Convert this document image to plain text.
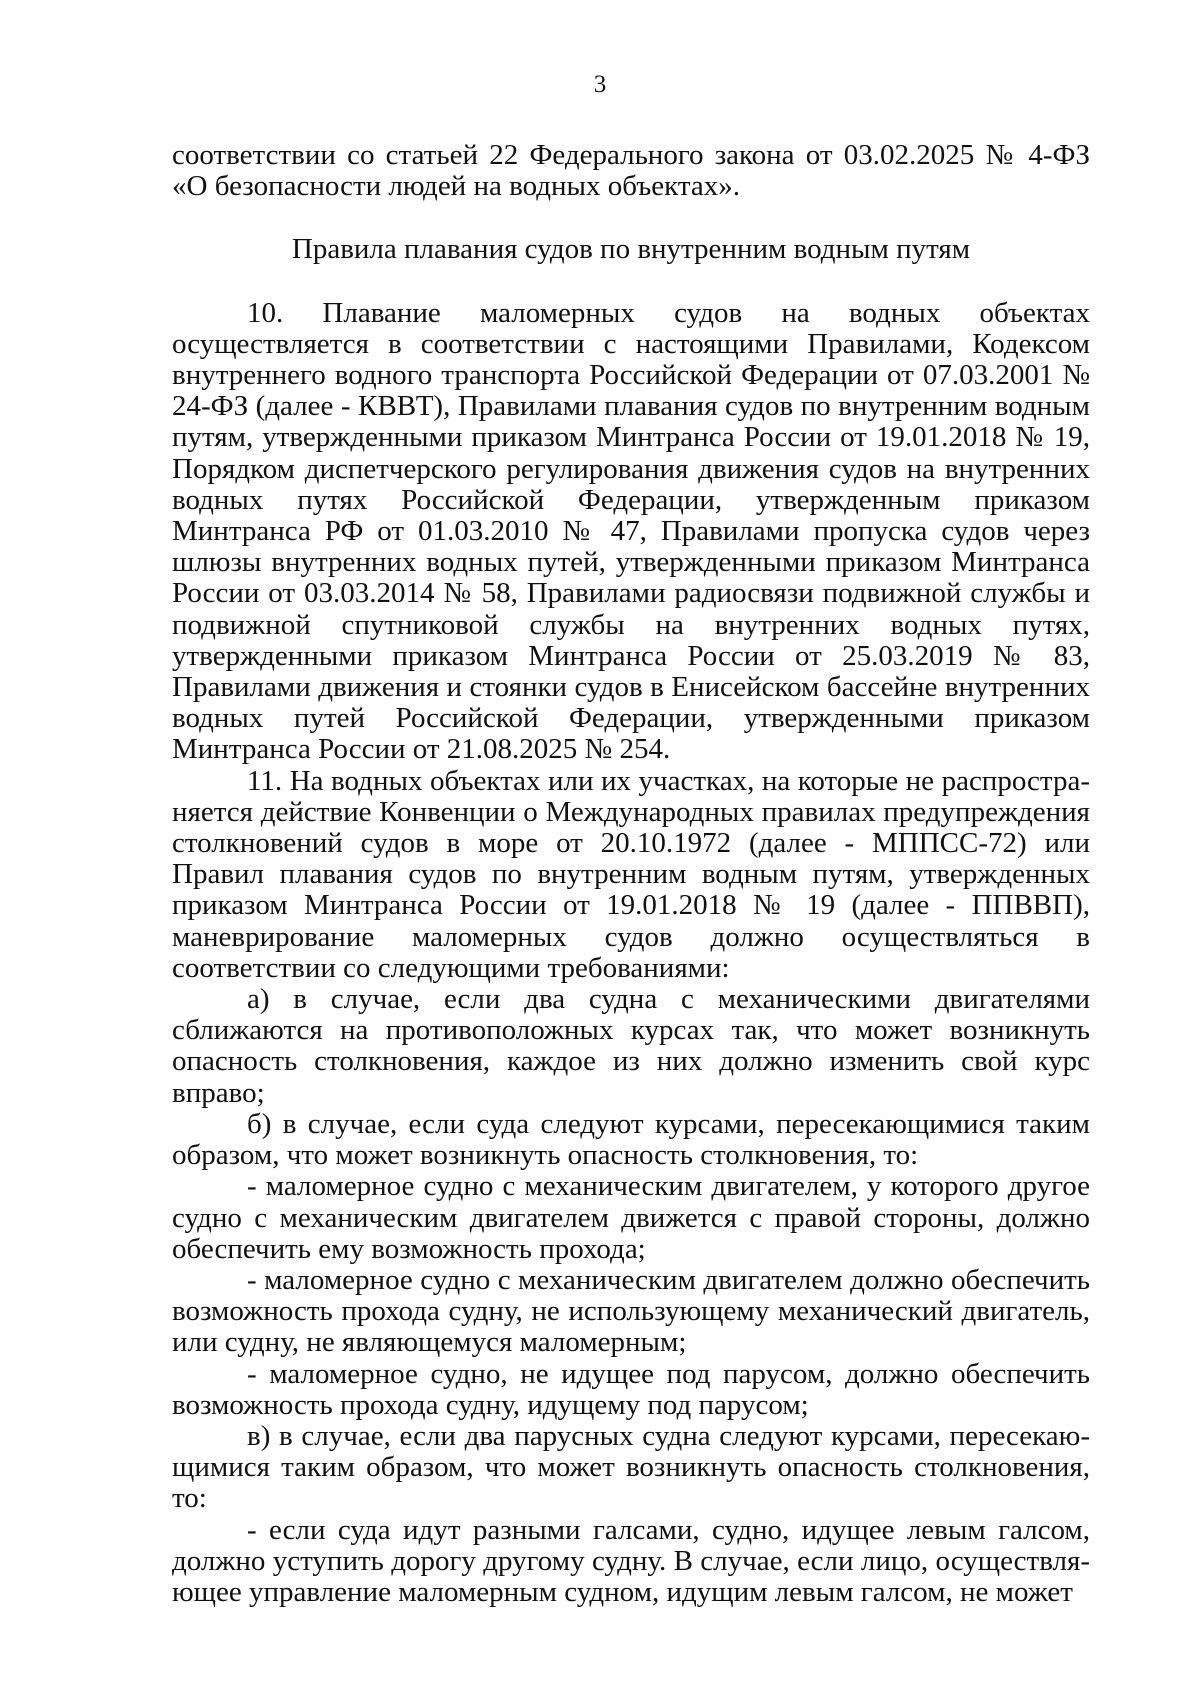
3

соответствии со статьей 22 Федерального закона от 03.02.2025 № 4-ФЗ «О безопасности людей на водных объектах».

Правила плавания судов по внутренним водным путям

10. Плавание маломерных судов на водных объектах осуществляется в соответствии с настоящими Правилами, Кодексом внутреннего водного транспорта Российской Федерации от 07.03.2001 № 24-ФЗ (далее - КВВТ), Правилами плавания судов по внутренним водным путям, утвержденными приказом Минтранса России от 19.01.2018 № 19, Порядком диспетчерского регулирования движения судов на внутренних водных путях Российской Федерации, утвержденным приказом Минтранса РФ от 01.03.2010 № 47, Правилами пропуска судов через шлюзы внутренних водных путей, утвержденными приказом Минтранса России от 03.03.2014 № 58, Правилами радиосвязи подвижной службы и подвижной спутниковой службы на внутренних водных путях, утвержденными приказом Минтранса России от 25.03.2019 № 83, Правилами движения и стоянки судов в Енисейском бассейне внутренних водных путей Российской Федерации, утвержденными приказом Минтранса России от 21.08.2025 № 254.

11. На водных объектах или их участках, на которые не распространяется действие Конвенции о Международных правилах предупреждения столкновений судов в море от 20.10.1972 (далее - МППСС-72) или Правил плавания судов по внутренним водным путям, утвержденных приказом Минтранса России от 19.01.2018 № 19 (далее - ППВВП), маневрирование маломерных судов должно осуществляться в соответствии со следующими требованиями:

а) в случае, если два судна с механическими двигателями сближаются на противоположных курсах так, что может возникнуть опасность столкновения, каждое из них должно изменить свой курс вправо;

б) в случае, если суда следуют курсами, пересекающимися таким образом, что может возникнуть опасность столкновения, то:

- маломерное судно с механическим двигателем, у которого другое судно с механическим двигателем движется с правой стороны, должно обеспечить ему возможность прохода;

- маломерное судно с механическим двигателем должно обеспечить возможность прохода судну, не использующему механический двигатель, или судну, не являющемуся маломерным;

- маломерное судно, не идущее под парусом, должно обеспечить возможность прохода судну, идущему под парусом;

в) в случае, если два парусных судна следуют курсами, пересекающимися таким образом, что может возникнуть опасность столкновения, то:

- если суда идут разными галсами, судно, идущее левым галсом, должно уступить дорогу другому судну. В случае, если лицо, осуществляющее управление маломерным судном, идущим левым галсом, не может
